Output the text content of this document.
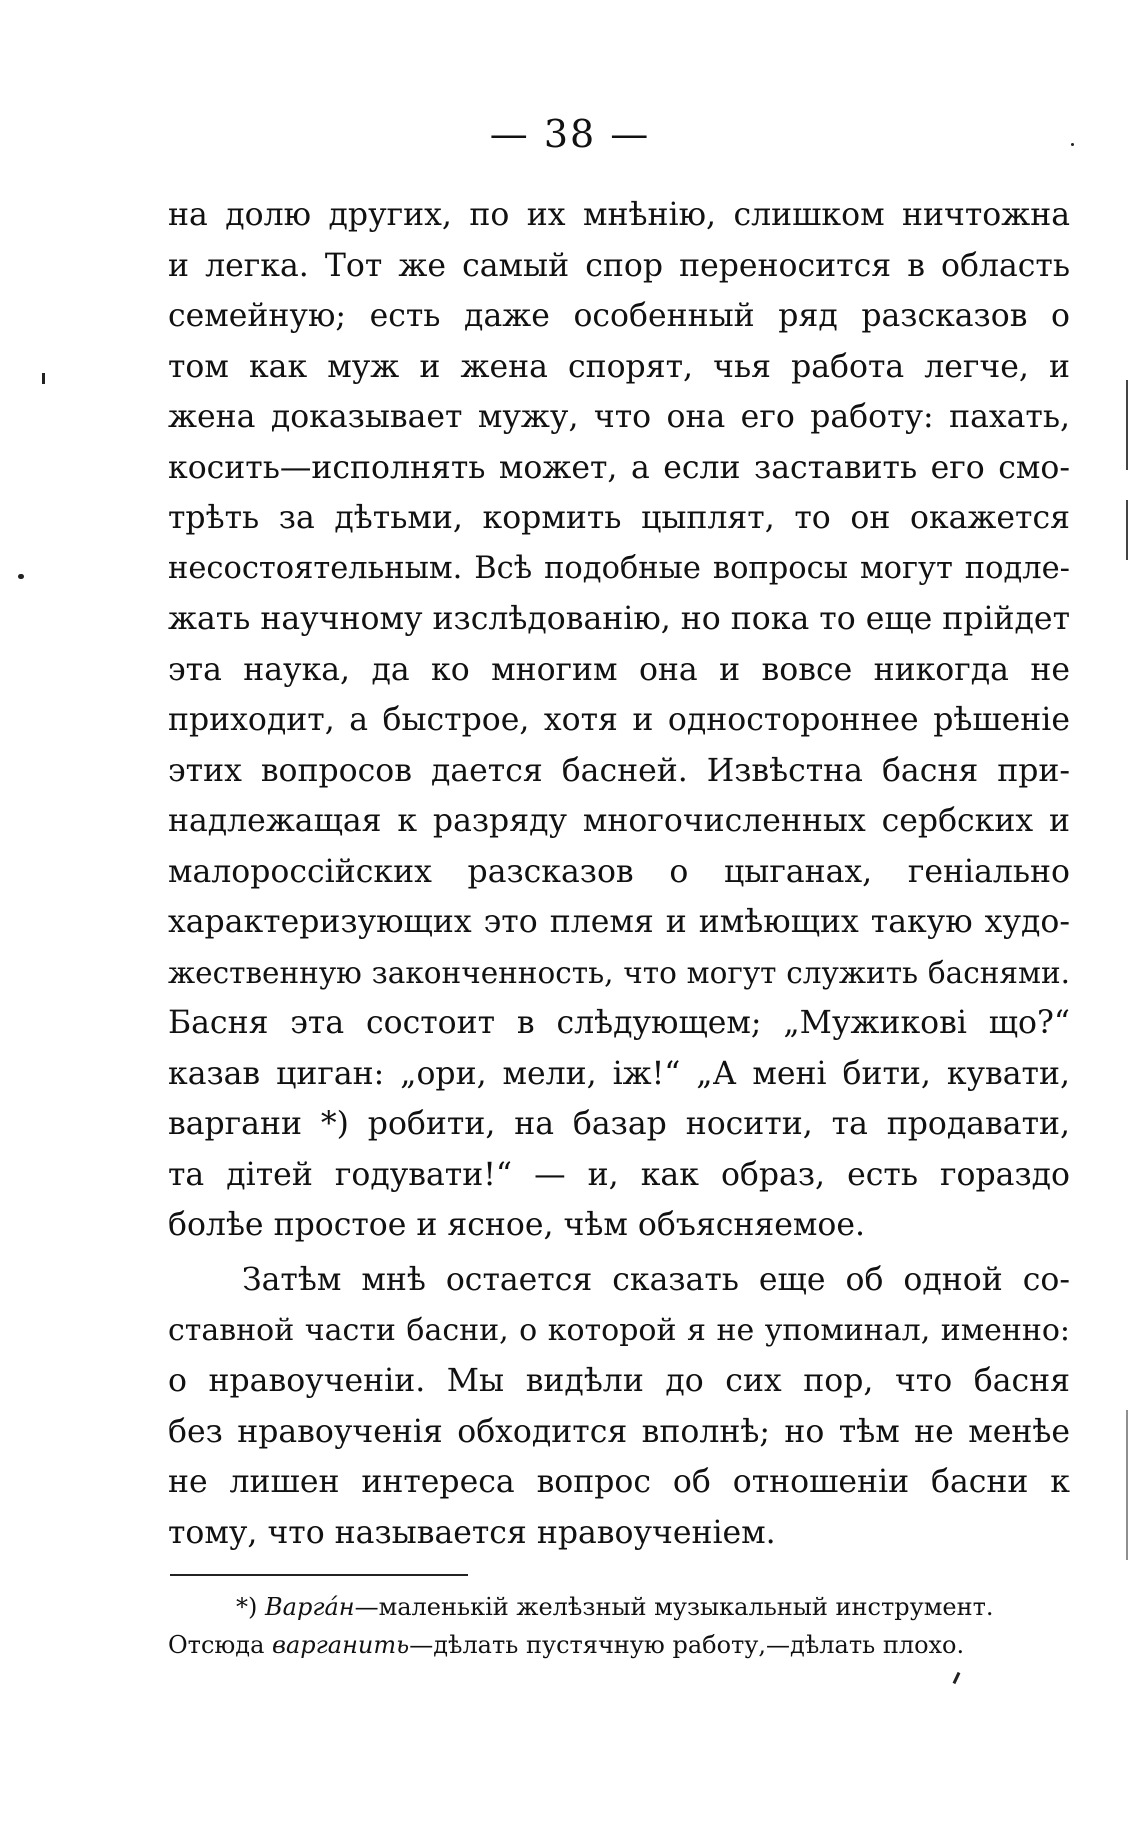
— 38 —
на долю других, по их мнѣнію, слишком ничтожна
и легка. Тот же самый спор переносится в область
семейную; есть даже особенный ряд разсказов о
том как муж и жена спорят, чья работа легче, и
жена доказывает мужу, что она его работу: пахать,
косить—исполнять может, а если заставить его смо-
трѣть за дѣтьми, кормить цыплят, то он окажется
несостоятельным. Всѣ подобные вопросы могут подле-
жать научному изслѣдованію, но пока то еще прійдет
эта наука, да ко многим она и вовсе никогда не
приходит, а быстрое, хотя и одностороннее рѣшеніе
этих вопросов дается басней. Извѣстна басня при-
надлежащая к разряду многочисленных сербских и
малороссійских разсказов о цыганах, геніально
характеризующих это племя и имѣющих такую худо-
жественную законченность, что могут служить баснями.
Басня эта состоит в слѣдующем; „Мужикові що?“
казав циган: „ори, мели, іж!“ „А мені бити, кувати,
варгани *) робити, на базар носити, та продавати,
та дітей годувати!“ — и, как образ, есть гораздо
болѣе простое и ясное, чѣм объясняемое.
Затѣм мнѣ остается сказать еще об одной со-
ставной части басни, о которой я не упоминал, именно:
о нравоученіи. Мы видѣли до сих пор, что басня
без нравоученія обходится вполнѣ; но тѣм не менѣе
не лишен интереса вопрос об отношеніи басни к
тому, что называется нравоученіем.
*) Варгáн—маленькій желѣзный музыкальный инструмент.
Отсюда варганить—дѣлать пустячную работу,—дѣлать плохо.
